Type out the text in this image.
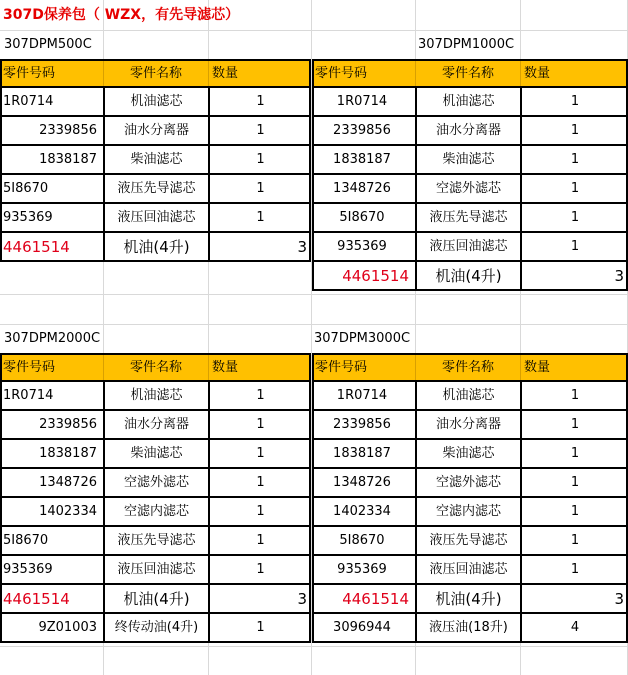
307D保养包（ WZX，有先导滤芯）
307DPM500C
零件号码	零件名称	数量
1R0714	机油滤芯	1
2339856	油水分离器	1
1838187	柴油滤芯	1
5I8670	液压先导滤芯	1
935369	液压回油滤芯	1
4461514	机油(4升)	3
307DPM1000C
零件号码	零件名称	数量
1R0714	机油滤芯	1
2339856	油水分离器	1
1838187	柴油滤芯	1
1348726	空滤外滤芯	1
5I8670	液压先导滤芯	1
935369	液压回油滤芯	1
4461514	机油(4升)	3
307DPM2000C
零件号码	零件名称	数量
1R0714	机油滤芯	1
2339856	油水分离器	1
1838187	柴油滤芯	1
1348726	空滤外滤芯	1
1402334	空滤内滤芯	1
5I8670	液压先导滤芯	1
935369	液压回油滤芯	1
4461514	机油(4升)	3
9Z01003	终传动油(4升)	1
307DPM3000C
零件号码	零件名称	数量
1R0714	机油滤芯	1
2339856	油水分离器	1
1838187	柴油滤芯	1
1348726	空滤外滤芯	1
1402334	空滤内滤芯	1
5I8670	液压先导滤芯	1
935369	液压回油滤芯	1
4461514	机油(4升)	3
3096944	液压油(18升)	4
